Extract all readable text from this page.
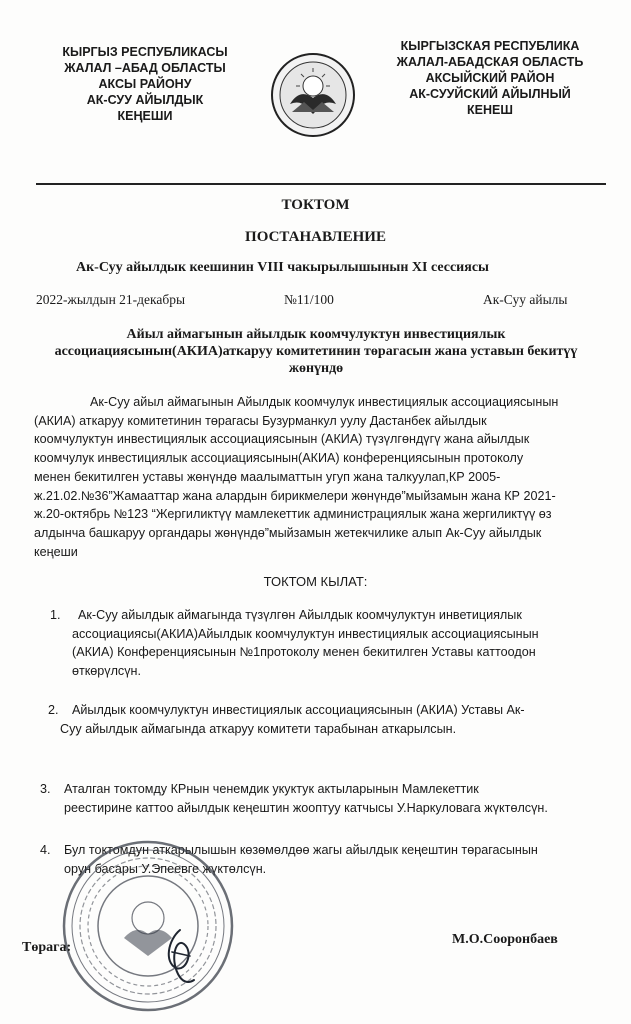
КЫРГЫЗ РЕСПУБЛИКАСЫ
ЖАЛАЛ –АБАД ОБЛАСТЫ
АКСЫ РАЙОНУ
АК-СУУ АЙЫЛДЫК
КЕҢЕШИ
КЫРГЫЗСКАЯ РЕСПУБЛИКА
ЖАЛАЛ-АБАДСКАЯ ОБЛАСТЬ
АКСЫЙСКИЙ РАЙОН
АК-СУУЙСКИЙ АЙЫЛНЫЙ
КЕНЕШ
ТОКТОМ
ПОСТАНАВЛЕНИЕ
Ак-Суу айылдык кеешинин VIII чакырылышынын XI сессиясы
2022-жылдын 21-декабры	№11/100	Ак-Суу айылы
Айыл аймагынын айылдык коомчулуктун инвестициялык
ассоциациясынын(АКИА)аткаруу комитетинин төрагасын жана уставын бекитүү
жөнүндө
Ак-Суу айыл аймагынын Айылдык коомчулук инвестициялык ассоциациясынын
(АКИА) аткаруу комитетинин төрагасы Бузурманкул уулу Дастанбек айылдык
коомчулуктун инвестициялык ассоциациясынын (АКИА) түзүлгөндүгү жана айылдык
коомчулук инвестициялык ассоциациясынын(АКИА) конференциясынын протоколу
менен бекитилген уставы жөнүндө маалыматтын угуп жана талкуулап,КР 2005-
ж.21.02.№36”Жамааттар жана алардын бирикмелери жөнүндө”мыйзамын жана КР 2021-
ж.20-октябрь №123 “Жергиликтүү мамлекеттик администрациялык жана жергиликтүү өз
алдынча башкаруу органдары жөнүндө”мыйзамын жетекчилике алып Ак-Суу айылдык
кеңеши
ТОКТОМ КЫЛАТ:
1.	Ак-Суу айылдык аймагында түзүлгөн Айылдык коомчулуктун инветициялык
ассоциациясы(АКИА)Айылдык коомчулуктун инвестициялык ассоциациясынын
(АКИА) Конференциясынын №1протоколу менен бекитилген Уставы каттоодон
өткөрүлсүн.
2. Айылдык коомчулуктун инвестициялык ассоциациясынын (АКИА) Уставы Ак-
Суу айылдык аймагында аткаруу комитети тарабынан аткарылсын.
3. Аталган токтомду КРнын ченемдик укуктук актыларынын Мамлекеттик
реестирине каттоо айылдык кеңештин жооптуу катчысы У.Наркуловага жүктөлсүн.
4. Бул токтомдун аткарылышын көзөмөлдөө жагы айылдык кеңештин төрагасынын
орун басары У.Эпеевге жүктөлсүн.
Төрага:
М.О.Сооронбаев
